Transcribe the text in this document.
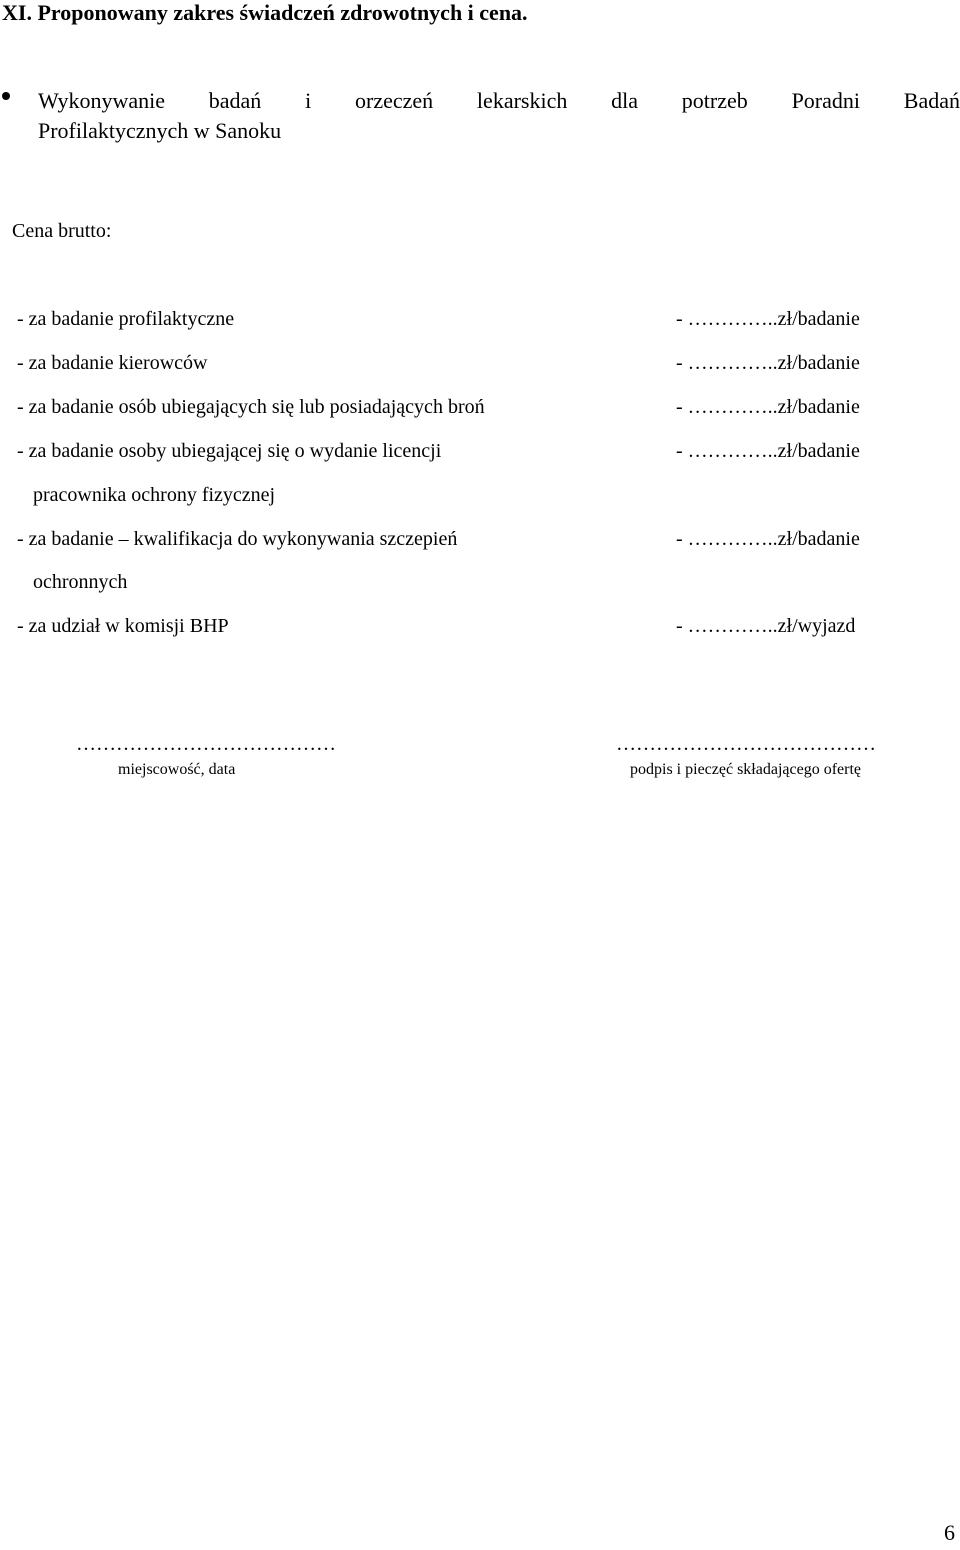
XI. Proponowany zakres świadczeń zdrowotnych i cena.
Wykonywanie badań i orzeczeń lekarskich dla potrzeb Poradni Badań
Profilaktycznych w Sanoku
Cena brutto:
- za badanie profilaktyczne	- …………..zł/badanie
- za badanie kierowców	- …………..zł/badanie
- za badanie osób ubiegających się lub posiadających broń	- …………..zł/badanie
- za badanie osoby ubiegającej się o wydanie licencji	- …………..zł/badanie
pracownika ochrony fizycznej
- za badanie – kwalifikacja do wykonywania szczepień	- …………..zł/badanie
ochronnych
- za udział w komisji BHP	- …………..zł/wyjazd
…………………………………
miejscowość, data
…………………………………
podpis i pieczęć składającego ofertę
6
